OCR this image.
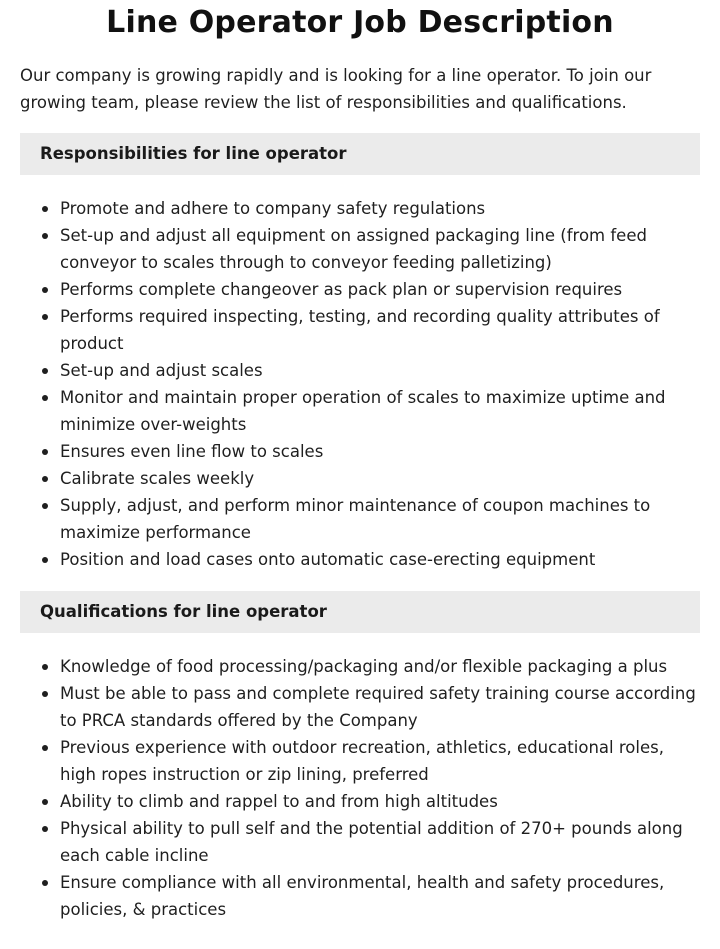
Line Operator Job Description

Our company is growing rapidly and is looking for a line operator. To join our growing team, please review the list of responsibilities and qualifications.

Responsibilities for line operator
Promote and adhere to company safety regulations
Set-up and adjust all equipment on assigned packaging line (from feed conveyor to scales through to conveyor feeding palletizing)
Performs complete changeover as pack plan or supervision requires
Performs required inspecting, testing, and recording quality attributes of product
Set-up and adjust scales
Monitor and maintain proper operation of scales to maximize uptime and minimize over-weights
Ensures even line flow to scales
Calibrate scales weekly
Supply, adjust, and perform minor maintenance of coupon machines to maximize performance
Position and load cases onto automatic case-erecting equipment
Qualifications for line operator
Knowledge of food processing/packaging and/or flexible packaging a plus
Must be able to pass and complete required safety training course according to PRCA standards offered by the Company
Previous experience with outdoor recreation, athletics, educational roles, high ropes instruction or zip lining, preferred
Ability to climb and rappel to and from high altitudes
Physical ability to pull self and the potential addition of 270+ pounds along each cable incline
Ensure compliance with all environmental, health and safety procedures, policies, & practices
